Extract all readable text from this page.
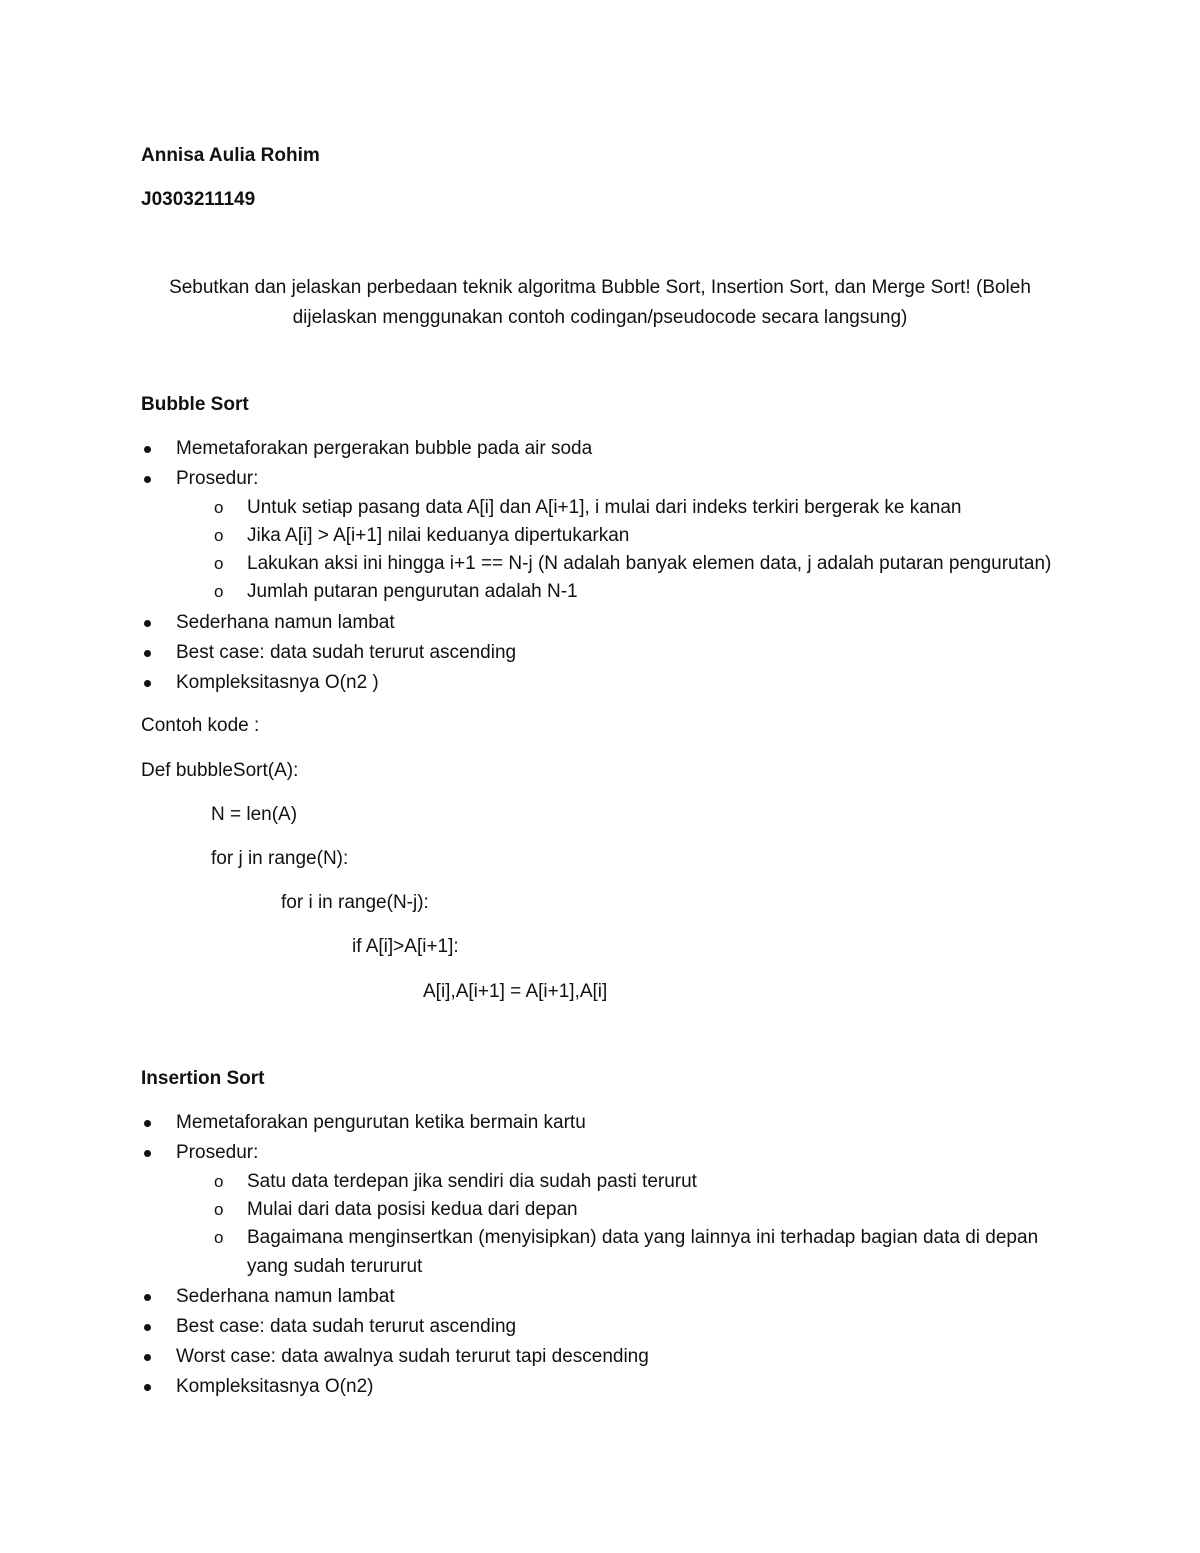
Annisa Aulia Rohim
J0303211149
Sebutkan dan jelaskan perbedaan teknik algoritma Bubble Sort, Insertion Sort, dan Merge Sort! (Boleh
dijelaskan menggunakan contoh codingan/pseudocode secara langsung)
Bubble Sort
Memetaforakan pergerakan bubble pada air soda
Prosedur:
o Untuk setiap pasang data A[i] dan A[i+1], i mulai dari indeks terkiri bergerak ke kanan
o Jika A[i] > A[i+1] nilai keduanya dipertukarkan
o Lakukan aksi ini hingga i+1 == N-j (N adalah banyak elemen data, j adalah putaran pengurutan)
o Jumlah putaran pengurutan adalah N-1
Sederhana namun lambat
Best case: data sudah terurut ascending
Kompleksitasnya O(n2 )
Contoh kode :
Def bubbleSort(A):
N = len(A)
for j in range(N):
for i in range(N-j):
if A[i]>A[i+1]:
A[i],A[i+1] = A[i+1],A[i]
Insertion Sort
Memetaforakan pengurutan ketika bermain kartu
Prosedur:
o Satu data terdepan jika sendiri dia sudah pasti terurut
o Mulai dari data posisi kedua dari depan
o Bagaimana menginsertkan (menyisipkan) data yang lainnya ini terhadap bagian data di depan
yang sudah terururut
Sederhana namun lambat
Best case: data sudah terurut ascending
Worst case: data awalnya sudah terurut tapi descending
Kompleksitasnya O(n2)
